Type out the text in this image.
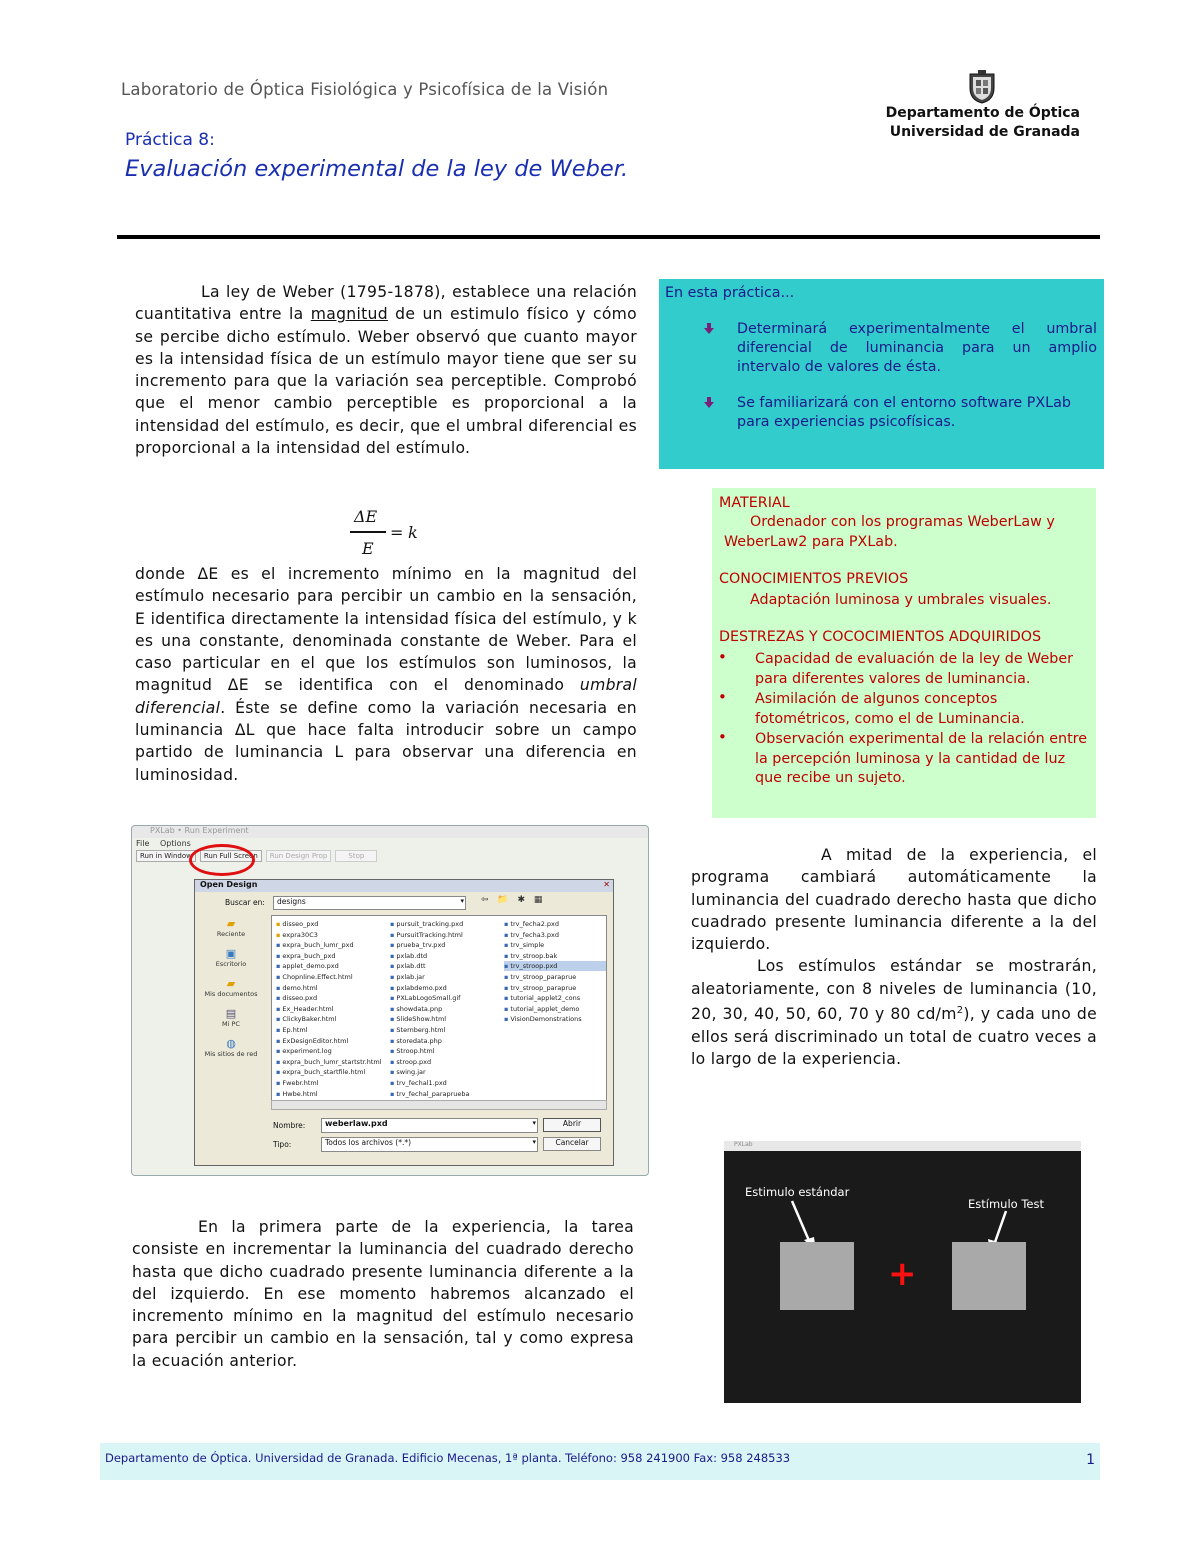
Laboratorio de Óptica Fisiológica y Psicofísica de la Visión
Práctica 8:
Evaluación experimental de la ley de Weber.
Departamento de Óptica
Universidad de Granada

La ley de Weber (1795-1878), establece una relación cuantitativa entre la magnitud de un estimulo físico y cómo se percibe dicho estímulo. Weber observó que cuanto mayor es la intensidad física de un estímulo mayor tiene que ser su incremento para que la variación sea perceptible. Comprobó que el menor cambio perceptible es proporcional a la intensidad del estímulo, es decir, que el umbral diferencial es proporcional a la intensidad del estímulo.

ΔE
E
= k

donde ΔE es el incremento mínimo en la magnitud del estímulo necesario para percibir un cambio en la sensación, E identifica directamente la intensidad física del estímulo, y k es una constante, denominada constante de Weber. Para el caso particular en el que los estímulos son luminosos, la magnitud ΔE se identifica con el denominado umbral diferencial. Éste se define como la variación necesaria en luminancia ΔL que hace falta introducir sobre un campo partido de luminancia L para observar una diferencia en luminosidad.

En esta práctica...
Determinará experimentalmente el umbral diferencial de luminancia para un amplio intervalo de valores de ésta.
Se familiarizará con el entorno software PXLab para experiencias psicofísicas.
MATERIAL
Ordenador con los programas WeberLaw y WeberLaw2 para PXLab.
CONOCIMIENTOS PREVIOS
Adaptación luminosa y umbrales visuales.
DESTREZAS Y COCOCIMIENTOS ADQUIRIDOS
• Capacidad de evaluación de la ley de Weber para diferentes valores de luminancia.
• Asimilación de algunos conceptos fotométricos, como el de Luminancia.
• Observación experimental de la relación entre la percepción luminosa y la cantidad de luz que recibe un sujeto.
PXLab • Run Experiment
File Options
Run in Window	Run Full Screen	Run Design Prop	Stop
Open Design	✕
Buscar en:	designs	▾ ⇦ 📁 ✱ ▦
▰
Reciente
▣
Escritorio
▰
Mis documentos
▤
Mi PC
◍
Mis sitios de red
▪ disseo_pxd
▪ expra30C3
▪ expra_buch_lumr_pxd
▪ expra_buch_pxd
▪ applet_demo.pxd
▪ Chopnline.Effect.html
▪ demo.html
▪ disseo.pxd
▪ Ex_Header.html
▪ ClickyBaker.html
▪ Ep.html
▪ ExDesignEditor.html
▪ experiment.log
▪ expra_buch_lumr_startstr.html
▪ expra_buch_startfile.html
▪ Fwebr.html
▪ Hwbe.html
▪ pursuit_tracking.pxd
▪ PursuitTracking.html
▪ prueba_trv.pxd
▪ pxlab.dtd
▪ pxlab.dtt
▪ pxlab.jar
▪ pxlabdemo.pxd
▪ PXLabLogoSmall.gif
▪ showdata.pnp
▪ SlideShow.html
▪ Sternberg.html
▪ storedata.php
▪ Stroop.html
▪ stroop.pxd
▪ swing.jar
▪ trv_fechal1.pxd
▪ trv_fechal_paraprueba
▪ trv_fecha2.pxd
▪ trv_fecha3.pxd
▪ trv_simple
▪ trv_stroop.bak
▪ trv_stroop.pxd
▪ trv_stroop_paraprue
▪ trv_stroop_paraprue
▪ tutorial_applet2_cons
▪ tutorial_applet_demo
▪ VisionDemonstrations
Nombre:	weberlaw.pxd	▾	Abrir
Tipo:	Todos los archivos (*.*)	▾	Cancelar

En la primera parte de la experiencia, la tarea consiste en incrementar la luminancia del cuadrado derecho hasta que dicho cuadrado presente luminancia diferente a la del izquierdo. En ese momento habremos alcanzado el incremento mínimo en la magnitud del estímulo necesario para percibir un cambio en la sensación, tal y como expresa la ecuación anterior.

A mitad de la experiencia, el programa cambiará automáticamente la luminancia del cuadrado derecho hasta que dicho cuadrado presente luminancia diferente a la del izquierdo.

Los estímulos estándar se mostrarán, aleatoriamente, con 8 niveles de luminancia (10, 20, 30, 40, 50, 60, 70 y 80 $cd/m^2$), y cada uno de ellos será discriminado un total de cuatro veces a lo largo de la experiencia.

PXLab
Estimulo estándar
Estímulo Test
+
Departamento de Óptica. Universidad de Granada. Edificio Mecenas, 1ª planta. Teléfono: 958 241900 Fax: 958 248533	1
